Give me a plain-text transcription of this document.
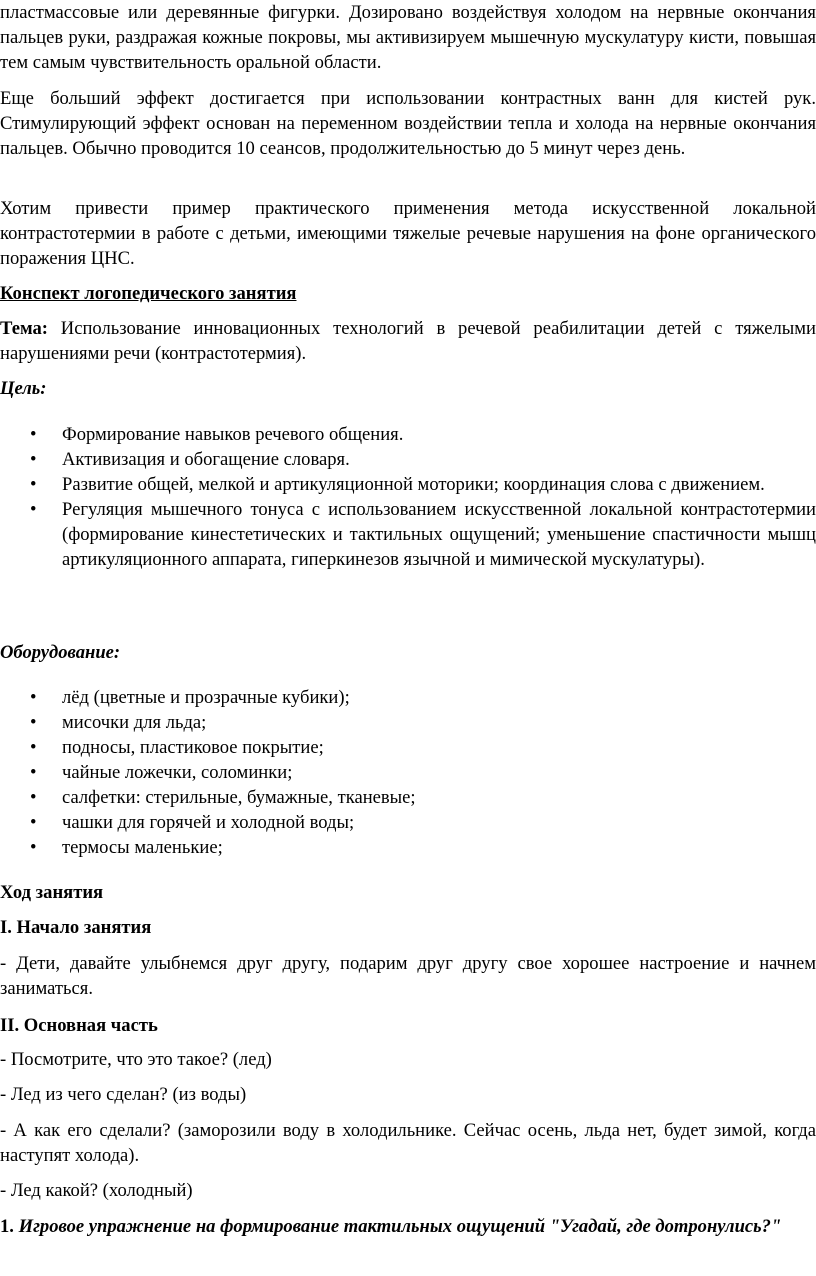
пластмассовые или деревянные фигурки. Дозировано воздействуя холодом на нервные окончания пальцев руки, раздражая кожные покровы, мы активизируем мышечную мускулатуру кисти, повышая тем самым чувствительность оральной области.

Еще больший эффект достигается при использовании контрастных ванн для кистей рук. Стимулирующий эффект основан на переменном воздействии тепла и холода на нервные окончания пальцев. Обычно проводится 10 сеансов, продолжительностью до 5 минут через день.

Хотим привести пример практического применения метода искусственной локальной контрастотермии в работе с детьми, имеющими тяжелые речевые нарушения на фоне органического поражения ЦНС.

Конспект логопедического занятия

Тема: Использование инновационных технологий в речевой реабилитации детей с тяжелыми нарушениями речи (контрастотермия).

Цель:

• Формирование навыков речевого общения.
• Активизация и обогащение словаря.
• Развитие общей, мелкой и артикуляционной моторики; координация слова с движением.
• Регуляция мышечного тонуса с использованием искусственной локальной контрастотермии (формирование кинестетических и тактильных ощущений; уменьшение спастичности мышц артикуляционного аппарата, гиперкинезов язычной и мимической мускулатуры).

Оборудование:

• лёд (цветные и прозрачные кубики);
• мисочки для льда;
• подносы, пластиковое покрытие;
• чайные ложечки, соломинки;
• салфетки: стерильные, бумажные, тканевые;
• чашки для горячей и холодной воды;
• термосы маленькие;

Ход занятия

I. Начало занятия

- Дети, давайте улыбнемся друг другу, подарим друг другу свое хорошее настроение и начнем заниматься.

II. Основная часть

- Посмотрите, что это такое? (лед)

- Лед из чего сделан? (из воды)

- А как его сделали? (заморозили воду в холодильнике. Сейчас осень, льда нет, будет зимой, когда наступят холода).

- Лед какой? (холодный)

1. Игровое упражнение на формирование тактильных ощущений "Угадай, где дотронулись?"
